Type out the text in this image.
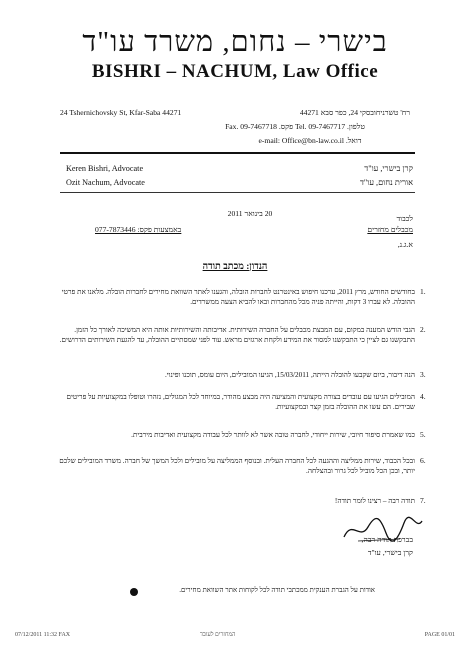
בישרי – נחום, משרד עו"ד
BISHRI – NACHUM, Law Office
24 Tshernichovsky St, Kfar-Saba 44271	רח' טשרניחובסקי 24, כפר סבא 44271
Fax. 09-7467718 .פקס Tel. 09-7467717 .טלפון
e-mail: Office@bn-law.co.il .דואל
Keren Bishri, Advocate	קרן בישרי, עו"ד
Ozit Nachum, Advocate	אורית נחום, עו"ד
20 בינואר 2011
לכבוד
מכבלים מחזרים
באמצעות פקס: 077-7873446
א.ג.נ,
הנדון: מכתב תודה
1.
בחודשים החודש, מרץ 2011, ערכנו חיפוש באינטרנט לחברות הובלה, והגענו לאתר השוואת מחירים לחברות הובלה. מלאנו את פרטי ההובלה. לא עברו 3 דקות, והייתה פניה מכל מהחברות ובאו להביא הצעה ממשרדים.
2.
הגבי הודש המענה במקום, עם המבצת מכבלים על החברה השירותית. אדיבותה והשירותיות אותה היא המשיכה לאורך כל הזמן. התבקשנו גם לציין כי התבקשנו למסור את המידע ולקחת ארגזים מראש. עוד לפני שמסתיים ההובלה, עד להגעת השירותים הדרושים.
3.
הנה דיבור, ביום שקבעו להובלה הייתה, 15/03/2011, הגיעו המובילים, היום עומס, תוכנו ופינוי.
4.
המובילים הגיעו עם עובדים בצורה מקצועית והמציעה היה מבצע מהודר, במיוחד לכל המגולים, נזהרו וטופלו במקצועיות על פריטים שבירים. הם עשו את ההובלה בזמן קצר ובמקצועיות.
5.
כמו שאמרת סיפור חיובי, שירות ייחודי, לחברה טובה אשר לא לוותר לכל עבודה מקצועית ואדיבות מירבית.
6.
ובכל הכבוד, שירות ממליצה וההגעה לכל החברה העלית. ובנוסף הממליצה על מובילים ולכל המשך של חברה. משרד המובילים שלכם יותר, ובכן הכל מוביל לכל גרור ובהצלחה.
7.
תודה רבה – רצינו לומר תודה!
בברכת תודה רבה,
קרן בישרי, עו"ד
אודות על הגברת הענקית ממכתבי תודה לכל לקוחות אתר השוואת מחירים.
07/12/2011 11:32 FAX	המחזרים לעובד	PAGE 01/01
